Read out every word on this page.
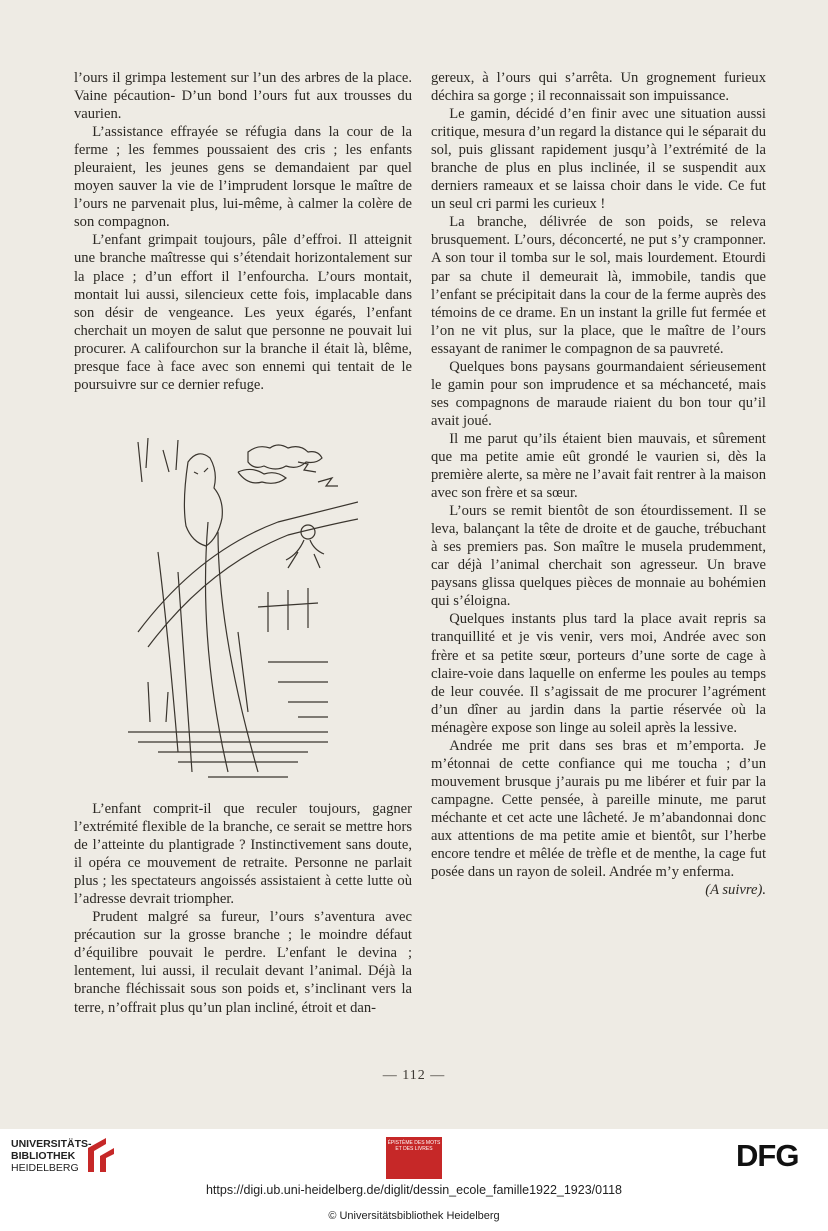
l’ours il grimpa lestement sur l’un des arbres de la place. Vaine pécaution- D’un bond l’ours fut aux trousses du vaurien.

L’assistance effrayée se réfugia dans la cour de la ferme ; les femmes poussaient des cris ; les enfants pleuraient, les jeunes gens se demandaient par quel moyen sauver la vie de l’imprudent lorsque le maître de l’ours ne parvenait plus, lui-même, à calmer la colère de son compagnon.

L’enfant grimpait toujours, pâle d’effroi. Il atteignit une branche maîtresse qui s’étendait horizontalement sur la place ; d’un effort il l’enfourcha. L’ours montait, montait lui aussi, silencieux cette fois, implacable dans son désir de vengeance. Les yeux égarés, l’enfant cherchait un moyen de salut que personne ne pouvait lui procurer. A califourchon sur la branche il était là, blême, presque face à face avec son ennemi qui tentait de le poursuivre sur ce dernier refuge.

L’enfant comprit-il que reculer toujours, gagner l’extrémité flexible de la branche, ce serait se mettre hors de l’atteinte du plantigrade ? Instinctivement sans doute, il opéra ce mouvement de retraite. Personne ne parlait plus ; les spectateurs angoissés assistaient à cette lutte où l’adresse devrait triompher.

Prudent malgré sa fureur, l’ours s’aventura avec précaution sur la grosse branche ; le moindre défaut d’équilibre pouvait le perdre. L’enfant le devina ; lentement, lui aussi, il reculait devant l’animal. Déjà la branche fléchissait sous son poids et, s’inclinant vers la terre, n’offrait plus qu’un plan incliné, étroit et dan-

gereux, à l’ours qui s’arrêta. Un grognement furieux déchira sa gorge ; il reconnaissait son impuissance.

Le gamin, décidé d’en finir avec une situation aussi critique, mesura d’un regard la distance qui le séparait du sol, puis glissant rapidement jusqu’à l’extrémité de la branche de plus en plus inclinée, il se suspendit aux derniers rameaux et se laissa choir dans le vide. Ce fut un seul cri parmi les curieux !

La branche, délivrée de son poids, se releva brusquement. L’ours, déconcerté, ne put s’y cramponner. A son tour il tomba sur le sol, mais lourdement. Etourdi par sa chute il demeurait là, immobile, tandis que l’enfant se précipitait dans la cour de la ferme auprès des témoins de ce drame. En un instant la grille fut fermée et l’on ne vit plus, sur la place, que le maître de l’ours essayant de ranimer le compagnon de sa pauvreté.

Quelques bons paysans gourmandaient sérieusement le gamin pour son imprudence et sa méchanceté, mais ses compagnons de maraude riaient du bon tour qu’il avait joué.

Il me parut qu’ils étaient bien mauvais, et sûrement que ma petite amie eût grondé le vaurien si, dès la première alerte, sa mère ne l’avait fait rentrer à la maison avec son frère et sa sœur.

L’ours se remit bientôt de son étourdissement. Il se leva, balançant la tête de droite et de gauche, trébuchant à ses premiers pas. Son maître le musela prudemment, car déjà l’animal cherchait son agresseur. Un brave paysans glissa quelques pièces de monnaie au bohémien qui s’éloigna.

Quelques instants plus tard la place avait repris sa tranquillité et je vis venir, vers moi, Andrée avec son frère et sa petite sœur, porteurs d’une sorte de cage à claire-voie dans laquelle on enferme les poules au temps de leur couvée. Il s’agissait de me procurer l’agrément d’un dîner au jardin dans la partie réservée où la ménagère expose son linge au soleil après la lessive.

Andrée me prit dans ses bras et m’emporta. Je m’étonnai de cette confiance qui me toucha ; d’un mouvement brusque j’aurais pu me libérer et fuir par la campagne. Cette pensée, à pareille minute, me parut méchante et cet acte une lâcheté. Je m’abandonnai donc aux attentions de ma petite amie et bientôt, sur l’herbe encore tendre et mêlée de trèfle et de menthe, la cage fut posée dans un rayon de soleil. Andrée m’y enferma.
(A suivre).

— 112 —
UNIVERSITÄTS-
BIBLIOTHEK
HEIDELBERG
ÉPISTÈME DES MOTS ET DES LIVRES	DFG
https://digi.ub.uni-heidelberg.de/diglit/dessin_ecole_famille1922_1923/0118
© Universitätsbibliothek Heidelberg
